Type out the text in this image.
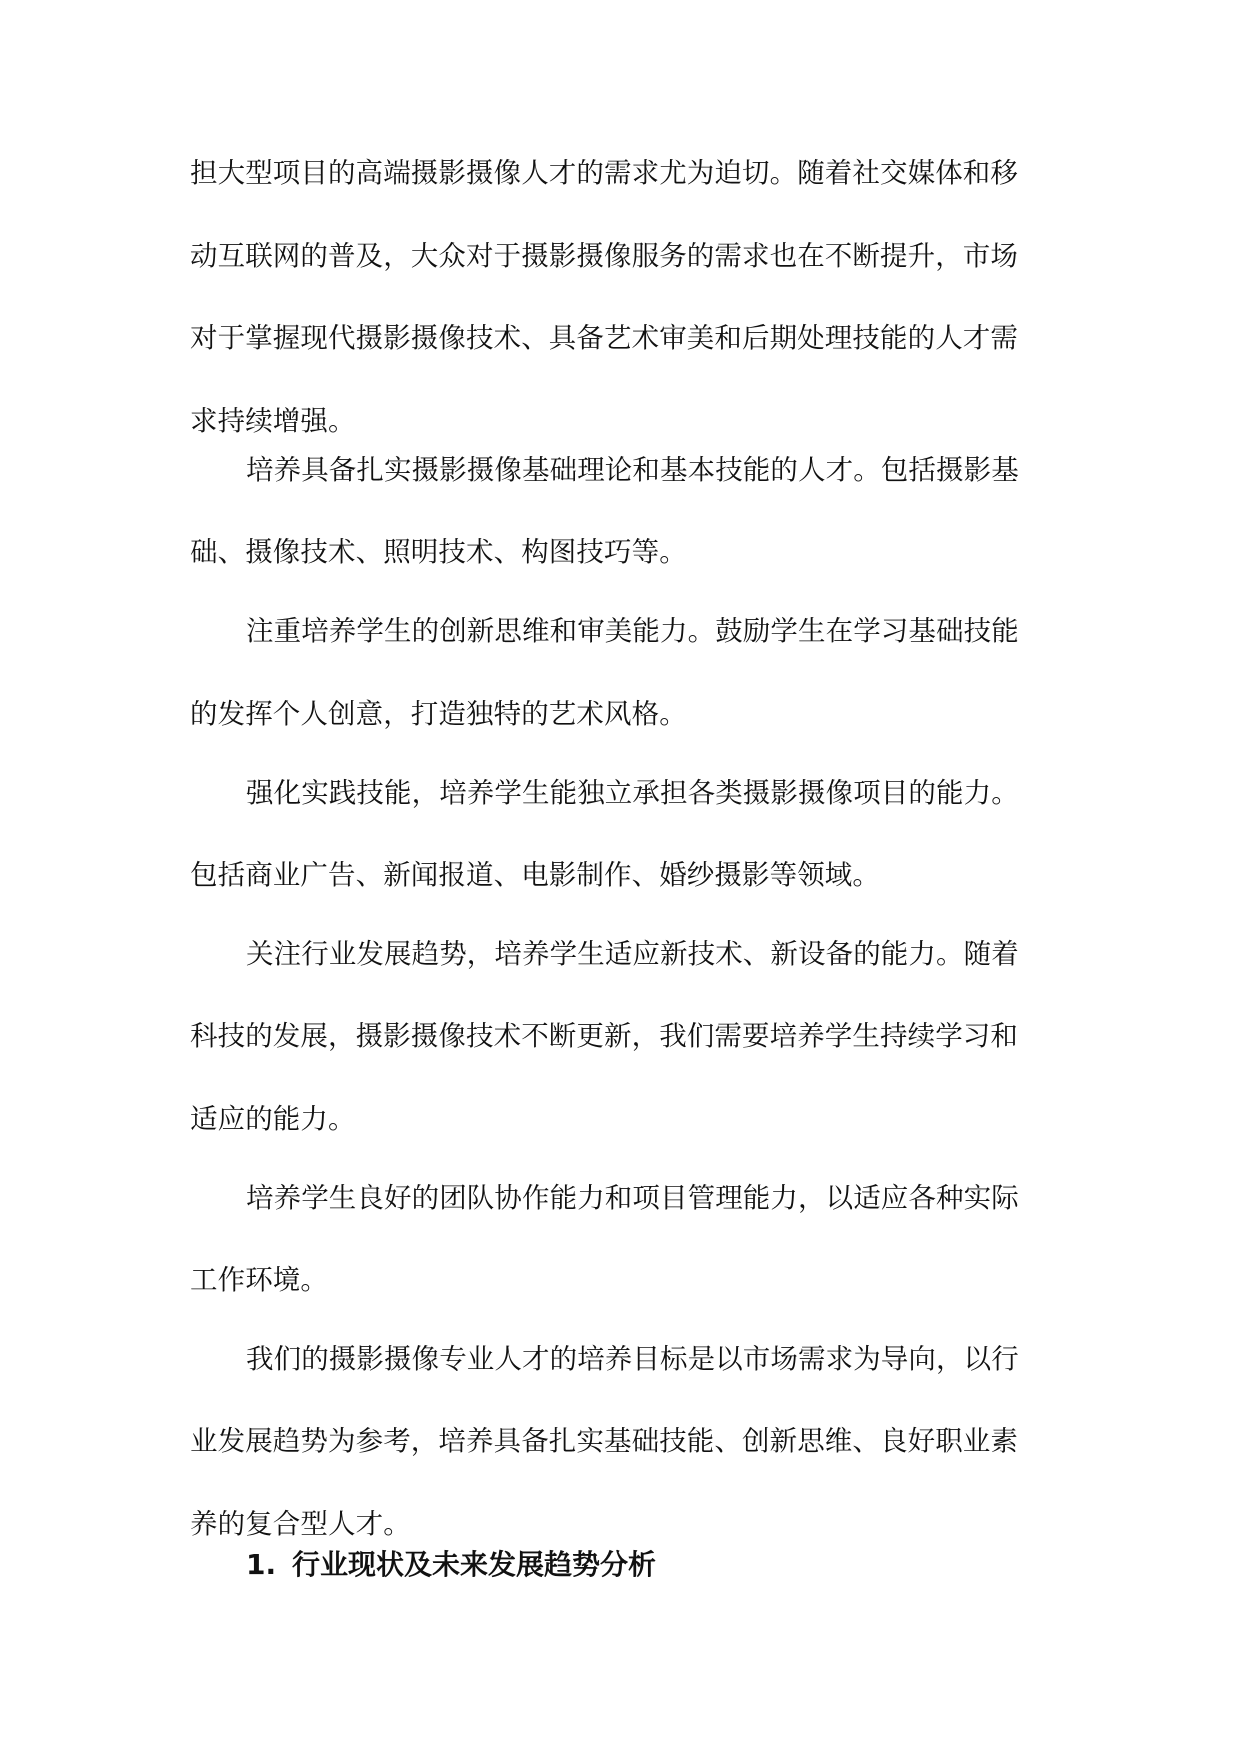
担大型项目的高端摄影摄像人才的需求尤为迫切。随着社交媒体和移
动互联网的普及，大众对于摄影摄像服务的需求也在不断提升，市场
对于掌握现代摄影摄像技术、具备艺术审美和后期处理技能的人才需
求持续增强。
培养具备扎实摄影摄像基础理论和基本技能的人才。包括摄影基
础、摄像技术、照明技术、构图技巧等。
注重培养学生的创新思维和审美能力。鼓励学生在学习基础技能
的发挥个人创意，打造独特的艺术风格。
强化实践技能，培养学生能独立承担各类摄影摄像项目的能力。
包括商业广告、新闻报道、电影制作、婚纱摄影等领域。
关注行业发展趋势，培养学生适应新技术、新设备的能力。随着
科技的发展，摄影摄像技术不断更新，我们需要培养学生持续学习和
适应的能力。
培养学生良好的团队协作能力和项目管理能力，以适应各种实际
工作环境。
我们的摄影摄像专业人才的培养目标是以市场需求为导向，以行
业发展趋势为参考，培养具备扎实基础技能、创新思维、良好职业素
养的复合型人才。
1. 行业现状及未来发展趋势分析
